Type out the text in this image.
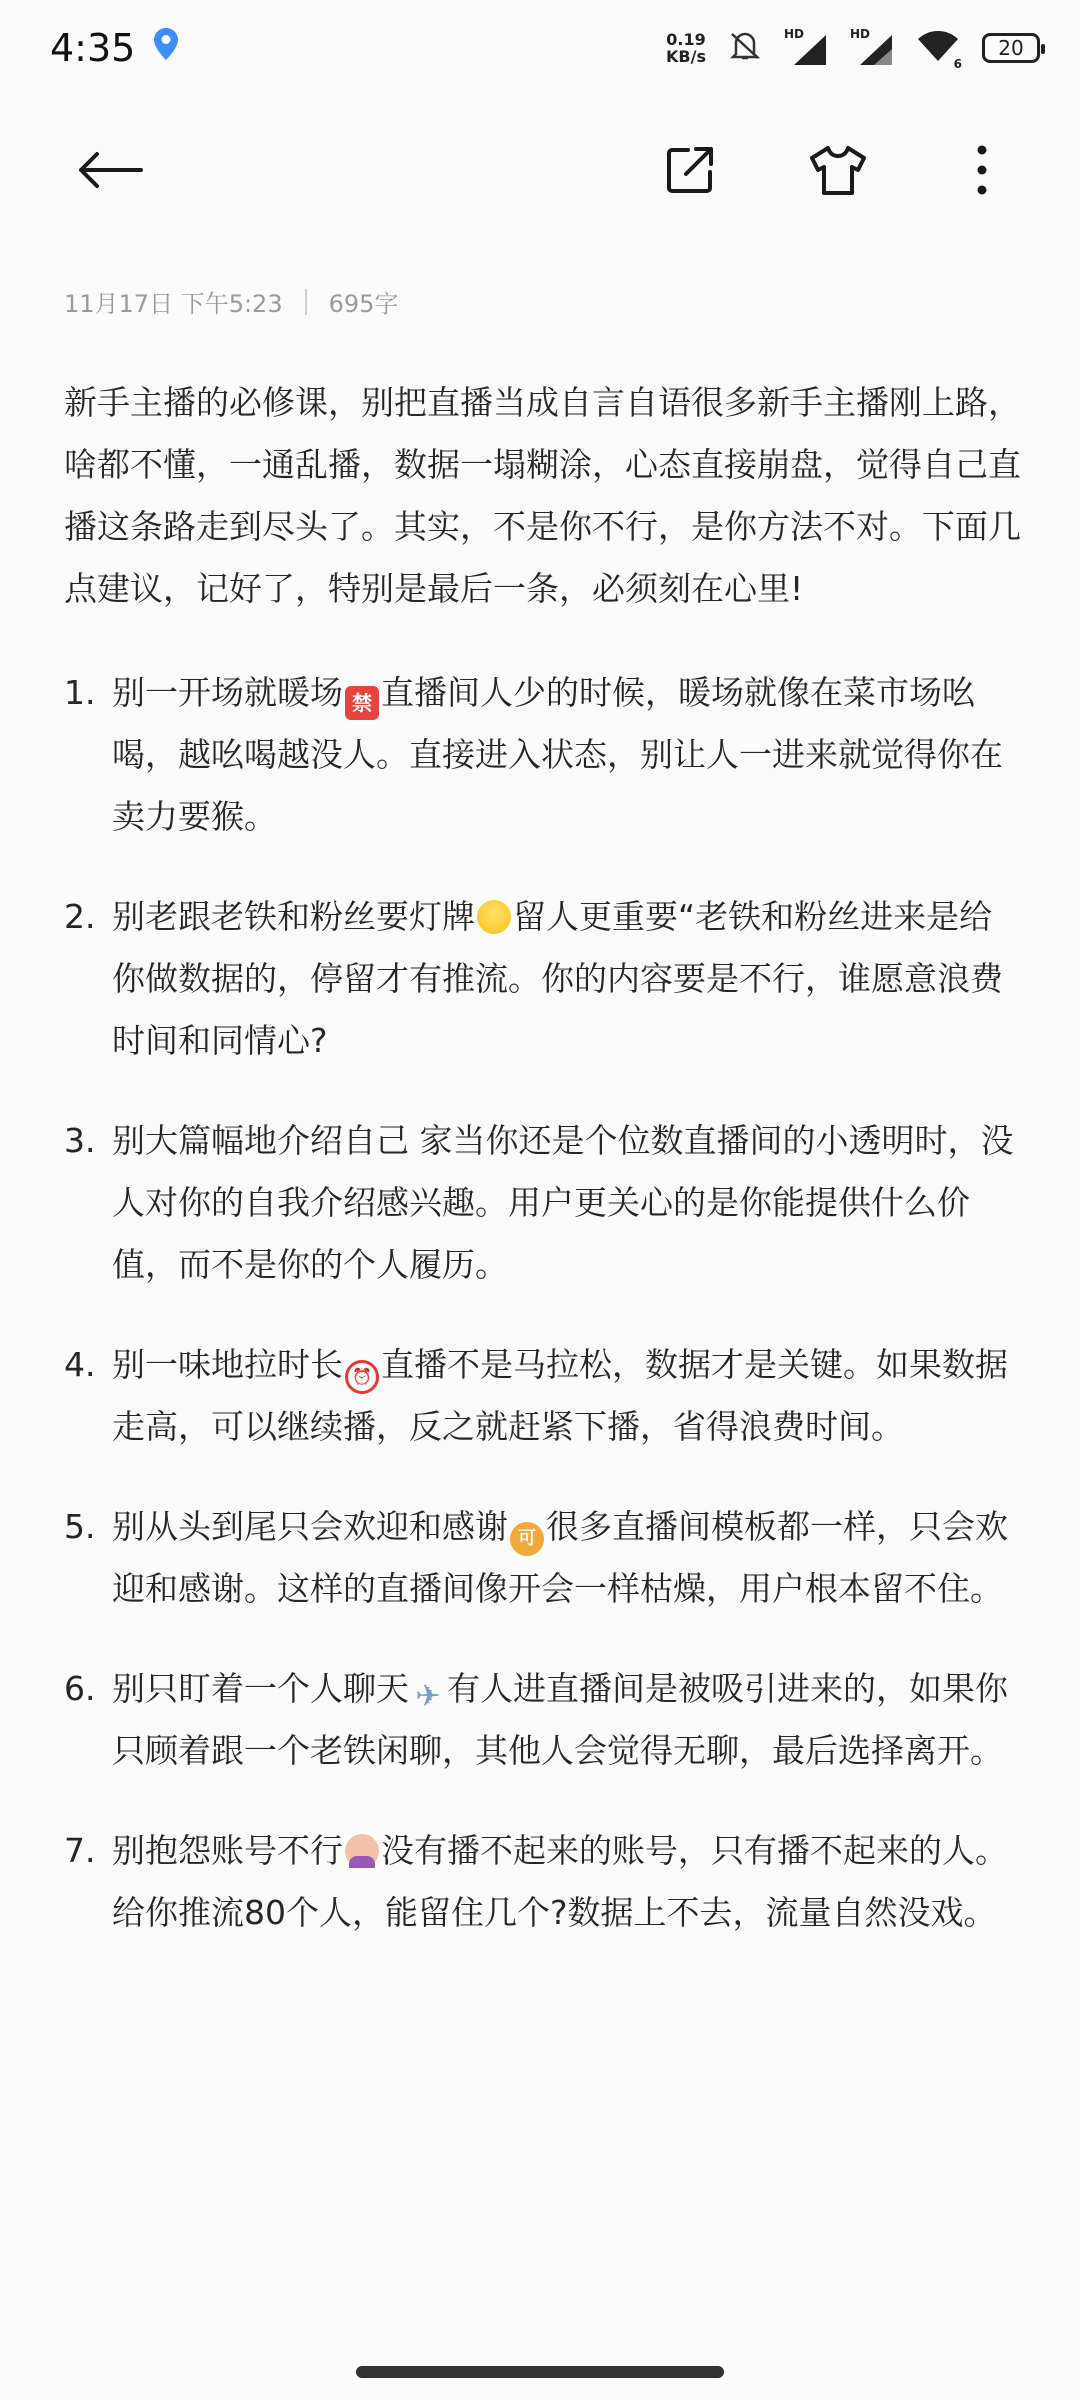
4:35	0.19
KB/s
HD	HD
6
20
11月17日 下午5:23 695字

新手主播的必修课，别把直播当成自言自语很多新手主播刚上路，啥都不懂，一通乱播，数据一塌糊涂，心态直接崩盘，觉得自己直播这条路走到尽头了。其实，不是你不行，是你方法不对。下面几点建议，记好了，特别是最后一条，必须刻在心里!

1. 别一开场就暖场 禁 直播间人少的时候，暖场就像在菜市场吆喝，越吆喝越没人。直接进入状态，别让人一进来就觉得你在卖力要猴。
2. 别老跟老铁和粉丝要灯牌 留人更重要“老铁和粉丝进来是给你做数据的，停留才有推流。你的内容要是不行，谁愿意浪费时间和同情心?
3. 别大篇幅地介绍自己 家当你还是个位数直播间的小透明时，没人对你的自我介绍感兴趣。用户更关心的是你能提供什么价值，而不是你的个人履历。
4. 别一味地拉时长 ⏰ 直播不是马拉松，数据才是关键。如果数据走高，可以继续播，反之就赶紧下播，省得浪费时间。
5. 别从头到尾只会欢迎和感谢 可 很多直播间模板都一样，只会欢迎和感谢。这样的直播间像开会一样枯燥，用户根本留不住。
6. 别只盯着一个人聊天 ✈ 有人进直播间是被吸引进来的，如果你只顾着跟一个老铁闲聊，其他人会觉得无聊，最后选择离开。
7. 别抱怨账号不行 没有播不起来的账号，只有播不起来的人。给你推流80个人，能留住几个?数据上不去，流量自然没戏。
